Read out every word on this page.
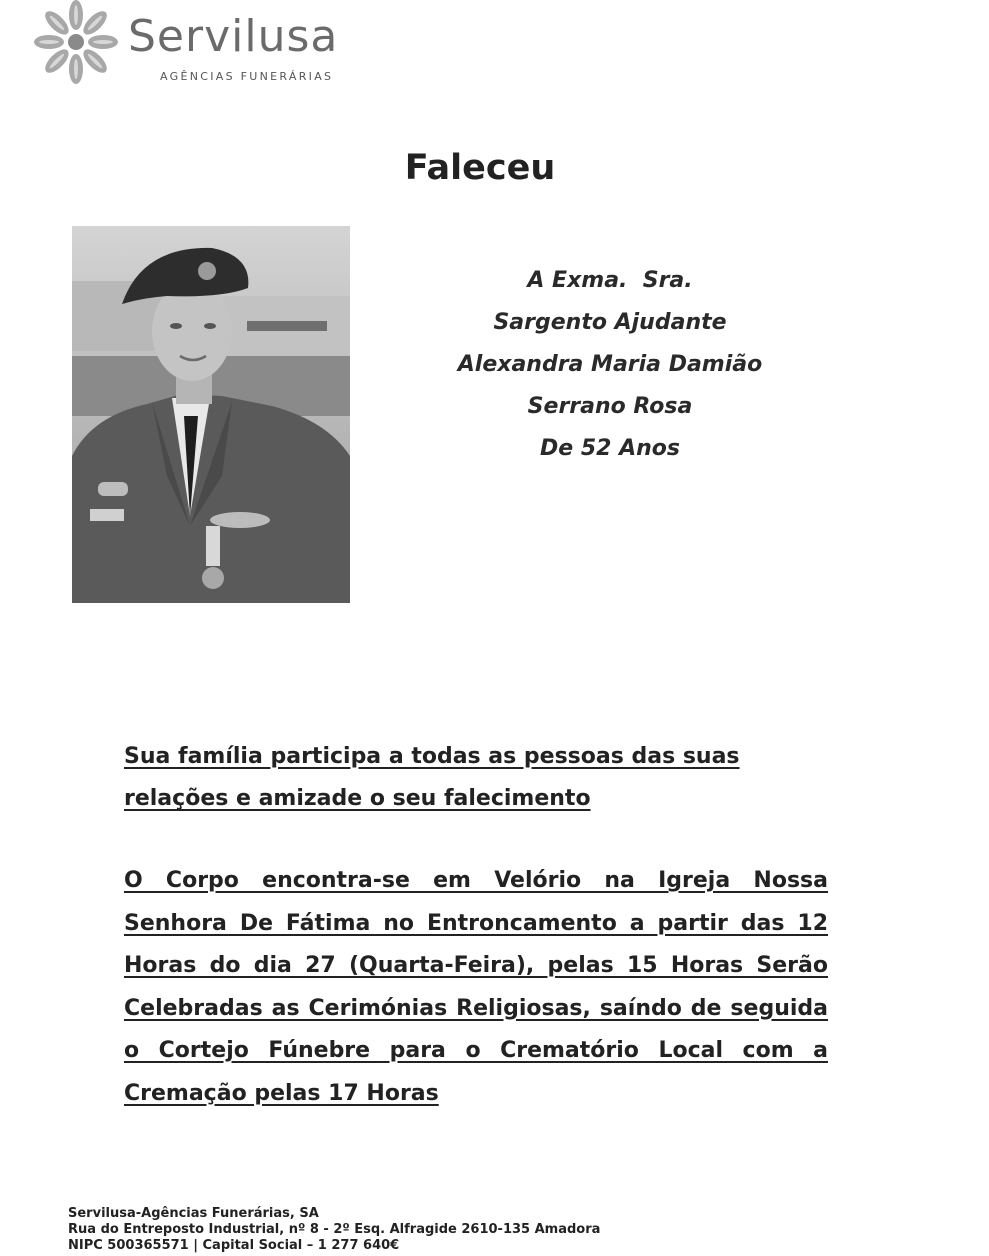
Servilusa
AGÊNCIAS FUNERÁRIAS
Faleceu
A Exma.  Sra.
Sargento Ajudante
Alexandra Maria Damião
Serrano Rosa
De 52 Anos
Sua família participa a todas as pessoas das suas relações e amizade o seu falecimento
O Corpo encontra-se em Velório na Igreja Nossa Senhora De Fátima no Entroncamento a partir das 12 Horas do dia 27 (Quarta-Feira), pelas 15 Horas Serão Celebradas as Cerimónias Religiosas, saíndo de seguida o Cortejo Fúnebre para o Crematório Local com a Cremação pelas 17 Horas
Servilusa-Agências Funerárias, SA
Rua do Entreposto Industrial, nº 8 - 2º Esq. Alfragide 2610-135 Amadora
NIPC 500365571 | Capital Social – 1 277 640€
